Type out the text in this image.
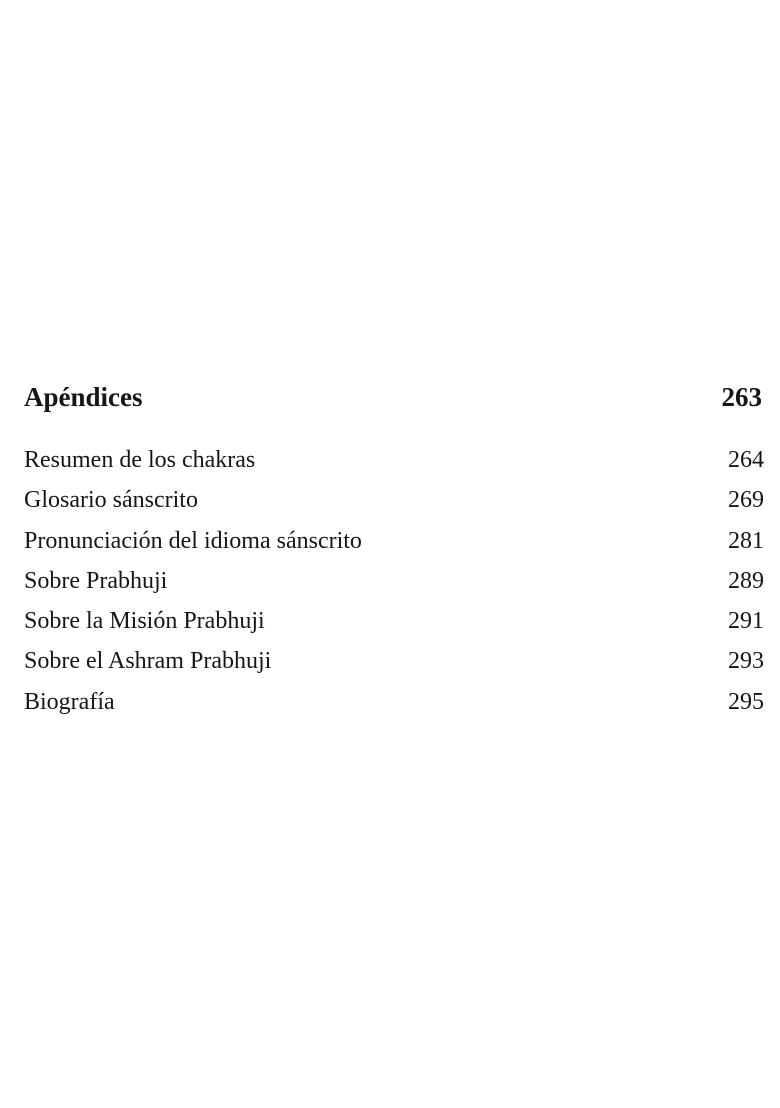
Apéndices	263
Resumen de los chakras	264
Glosario sánscrito	269
Pronunciación del idioma sánscrito	281
Sobre Prabhuji	289
Sobre la Misión Prabhuji	291
Sobre el Ashram Prabhuji	293
Biografía	295
